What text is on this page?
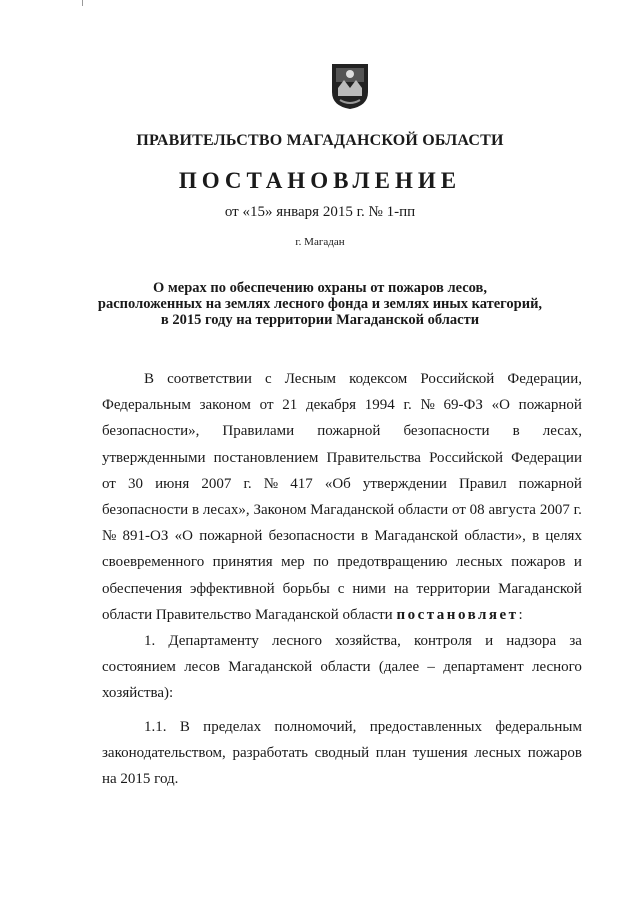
ПРАВИТЕЛЬСТВО МАГАДАНСКОЙ ОБЛАСТИ
ПОСТАНОВЛЕНИЕ
от «15» января 2015 г. № 1-пп
г. Магадан
О мерах по обеспечению охраны от пожаров лесов,
расположенных на землях лесного фонда и землях иных категорий,
в 2015 году на территории Магаданской области

В соответствии с Лесным кодексом Российской Федерации,
Федеральным законом от 21 декабря 1994 г. № 69-ФЗ «О пожарной
безопасности», Правилами пожарной безопасности в лесах,
утвержденными постановлением Правительства Российской Федерации
от 30 июня 2007 г. № 417 «Об утверждении Правил пожарной
безопасности в лесах», Законом Магаданской области от 08 августа 2007 г.
№ 891-ОЗ «О пожарной безопасности в Магаданской области», в целях
своевременного принятия мер по предотвращению лесных пожаров и
обеспечения эффективной борьбы с ними на территории Магаданской
области Правительство Магаданской области
постановляет :

1. Департаменту лесного хозяйства, контроля и надзора за
состоянием лесов Магаданской области (далее – департамент лесного
хозяйства):

1.1. В пределах полномочий, предоставленных федеральным
законодательством, разработать сводный план тушения лесных пожаров
на 2015 год.
